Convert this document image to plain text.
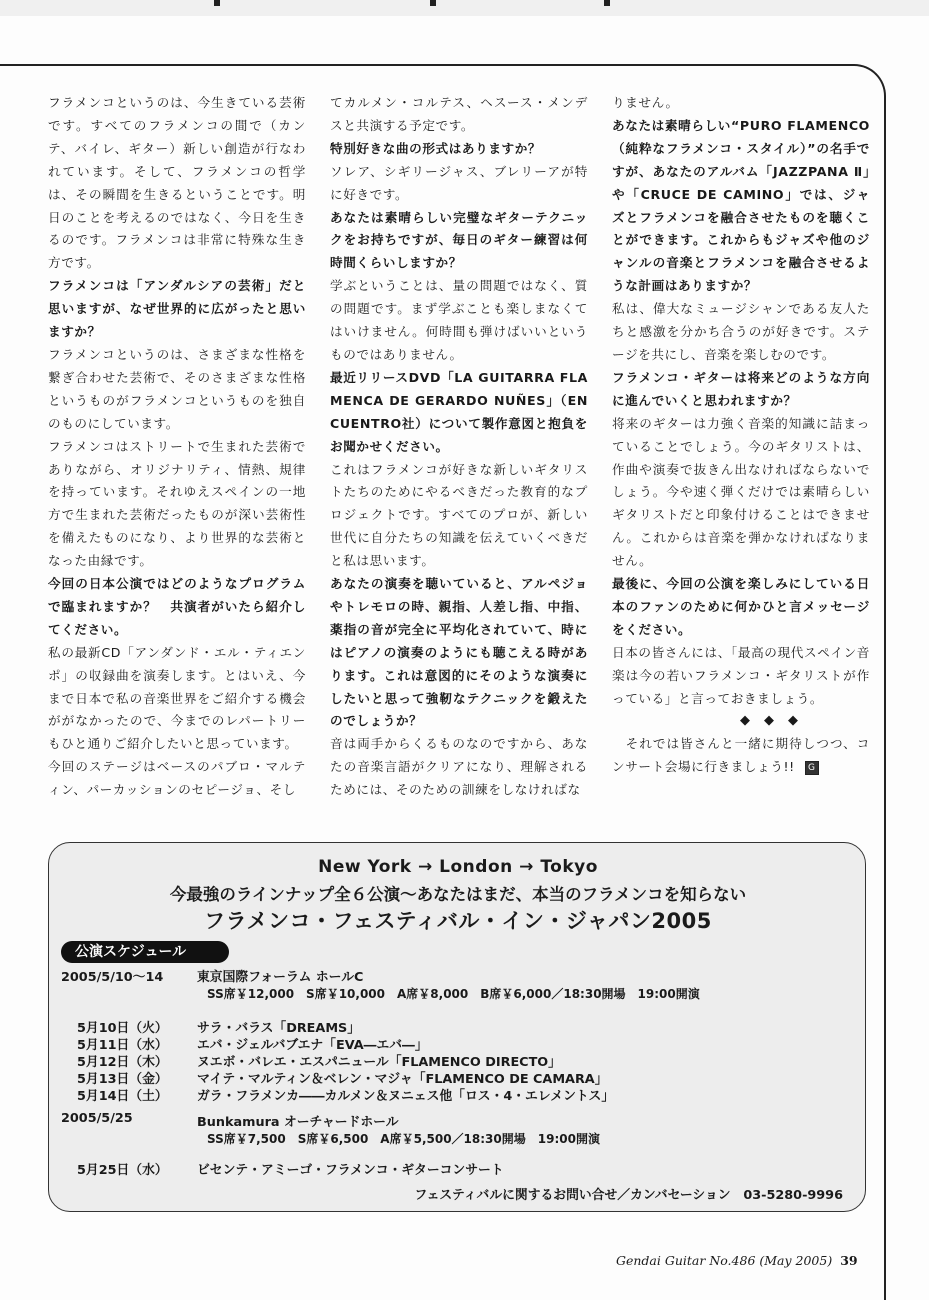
フラメンコというのは、今生きている芸術です。すべてのフラメンコの間で（カンテ、バイレ、ギター）新しい創造が行なわれています。そして、フラメンコの哲学は、その瞬間を生きるということです。明日のことを考えるのではなく、今日を生きるのです。フラメンコは非常に特殊な生き方です。

フラメンコは「アンダルシアの芸術」だと思いますが、なぜ世界的に広がったと思いますか？

フラメンコというのは、さまざまな性格を繋ぎ合わせた芸術で、そのさまざまな性格というものがフラメンコというものを独自のものにしています。

フラメンコはストリートで生まれた芸術でありながら、オリジナリティ、情熱、規律を持っています。それゆえスペインの一地方で生まれた芸術だったものが深い芸術性を備えたものになり、より世界的な芸術となった由縁です。

今回の日本公演ではどのようなプログラムで臨まれますか？　共演者がいたら紹介してください。

私の最新CD「アンダンド・エル・ティエンポ」の収録曲を演奏します。とはいえ、今まで日本で私の音楽世界をご紹介する機会ががなかったので、今までのレパートリーもひと通りご紹介したいと思っています。

今回のステージはベースのパブロ・マルティン、パーカッションのセピージョ、そし

てカルメン・コルテス、ヘスース・メンデスと共演する予定です。

特別好きな曲の形式はありますか？

ソレア、シギリージャス、ブレリーアが特に好きです。

あなたは素晴らしい完璧なギターテクニックをお持ちですが、毎日のギター練習は何時間くらいしますか？

学ぶということは、量の問題ではなく、質の問題です。まず学ぶことも楽しまなくてはいけません。何時間も弾けばいいというものではありません。

最近リリースDVD「LA GUITARRA FLAMENCA DE GERARDO NUÑES」（ENCUENTRO社）について製作意図と抱負をお聞かせください。

これはフラメンコが好きな新しいギタリストたちのためにやるべきだった教育的なプロジェクトです。すべてのプロが、新しい世代に自分たちの知識を伝えていくべきだと私は思います。

あなたの演奏を聴いていると、アルペジョやトレモロの時、親指、人差し指、中指、薬指の音が完全に平均化されていて、時にはピアノの演奏のようにも聴こえる時があります。これは意図的にそのような演奏にしたいと思って強靭なテクニックを鍛えたのでしょうか？

音は両手からくるものなのですから、あなたの音楽言語がクリアになり、理解されるためには、そのための訓練をしなければな

りません。

あなたは素晴らしい“PURO FLAMENCO（純粋なフラメンコ・スタイル）”の名手ですが、あなたのアルバム「JAZZPANA Ⅱ」や「CRUCE DE CAMINO」では、ジャズとフラメンコを融合させたものを聴くことができます。これからもジャズや他のジャンルの音楽とフラメンコを融合させるような計画はありますか？

私は、偉大なミュージシャンである友人たちと感激を分かち合うのが好きです。ステージを共にし、音楽を楽しむのです。

フラメンコ・ギターは将来どのような方向に進んでいくと思われますか？

将来のギターは力強く音楽的知識に詰まっていることでしょう。今のギタリストは、作曲や演奏で抜きん出なければならないでしょう。今や速く弾くだけでは素晴らしいギタリストだと印象付けることはできません。これからは音楽を弾かなければなりません。

最後に、今回の公演を楽しみにしている日本のファンのために何かひと言メッセージをください。

日本の皆さんには、「最高の現代スペイン音楽は今の若いフラメンコ・ギタリストが作っている」と言っておきましょう。

◆◆◆

　それでは皆さんと一緒に期待しつつ、コンサート会場に行きましょう!! G

New York → London → Tokyo
今最強のラインナップ全６公演～あなたはまだ、本当のフラメンコを知らない
フラメンコ・フェスティバル・イン・ジャパン2005
公演スケジュール
2005/5/10～14	東京国際フォーラム ホールC
SS席￥12,000　S席￥10,000　A席￥8,000　B席￥6,000／18:30開場　19:00開演
5月10日（火）	サラ・バラス「DREAMS」
5月11日（水）	エバ・ジェルバブエナ「EVA―エバ―」
5月12日（木）	ヌエボ・バレエ・エスパニュール「FLAMENCO DIRECTO」
5月13日（金）	マイテ・マルティン＆ベレン・マジャ「FLAMENCO DE CAMARA」
5月14日（土）	ガラ・フラメンカ――カルメン＆ヌニェス他「ロス・4・エレメントス」
2005/5/25	Bunkamura オーチャードホール
SS席￥7,500　S席￥6,500　A席￥5,500／18:30開場　19:00開演
5月25日（水）	ビセンテ・アミーゴ・フラメンコ・ギターコンサート
フェスティバルに関するお問い合せ／カンバセーション　03-5280-9996
Gendai Guitar No.486 (May 2005) 39
